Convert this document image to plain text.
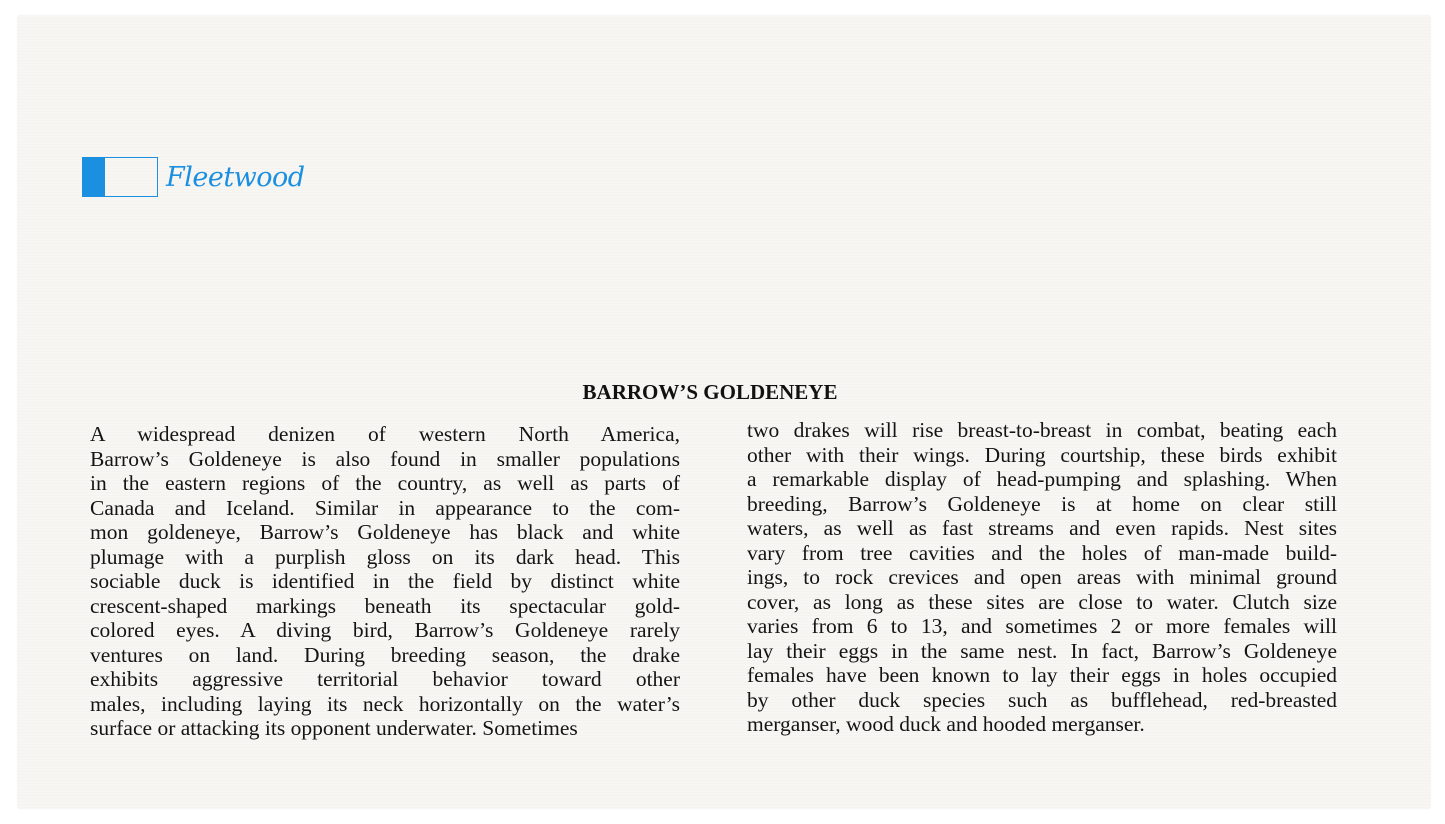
Fleetwood
BARROW’S GOLDENEYE
A widespread denizen of western North America,
Barrow’s Goldeneye is also found in smaller populations
in the eastern regions of the country, as well as parts of
Canada and Iceland. Similar in appearance to the com-
mon goldeneye, Barrow’s Goldeneye has black and white
plumage with a purplish gloss on its dark head. This
sociable duck is identified in the field by distinct white
crescent-shaped markings beneath its spectacular gold-
colored eyes. A diving bird, Barrow’s Goldeneye rarely
ventures on land. During breeding season, the drake
exhibits aggressive territorial behavior toward other
males, including laying its neck horizontally on the water’s
surface or attacking its opponent underwater. Sometimes
two drakes will rise breast-to-breast in combat, beating each
other with their wings. During courtship, these birds exhibit
a remarkable display of head-pumping and splashing. When
breeding, Barrow’s Goldeneye is at home on clear still
waters, as well as fast streams and even rapids. Nest sites
vary from tree cavities and the holes of man-made build-
ings, to rock crevices and open areas with minimal ground
cover, as long as these sites are close to water. Clutch size
varies from 6 to 13, and sometimes 2 or more females will
lay their eggs in the same nest. In fact, Barrow’s Goldeneye
females have been known to lay their eggs in holes occupied
by other duck species such as bufflehead, red-breasted
merganser, wood duck and hooded merganser.
